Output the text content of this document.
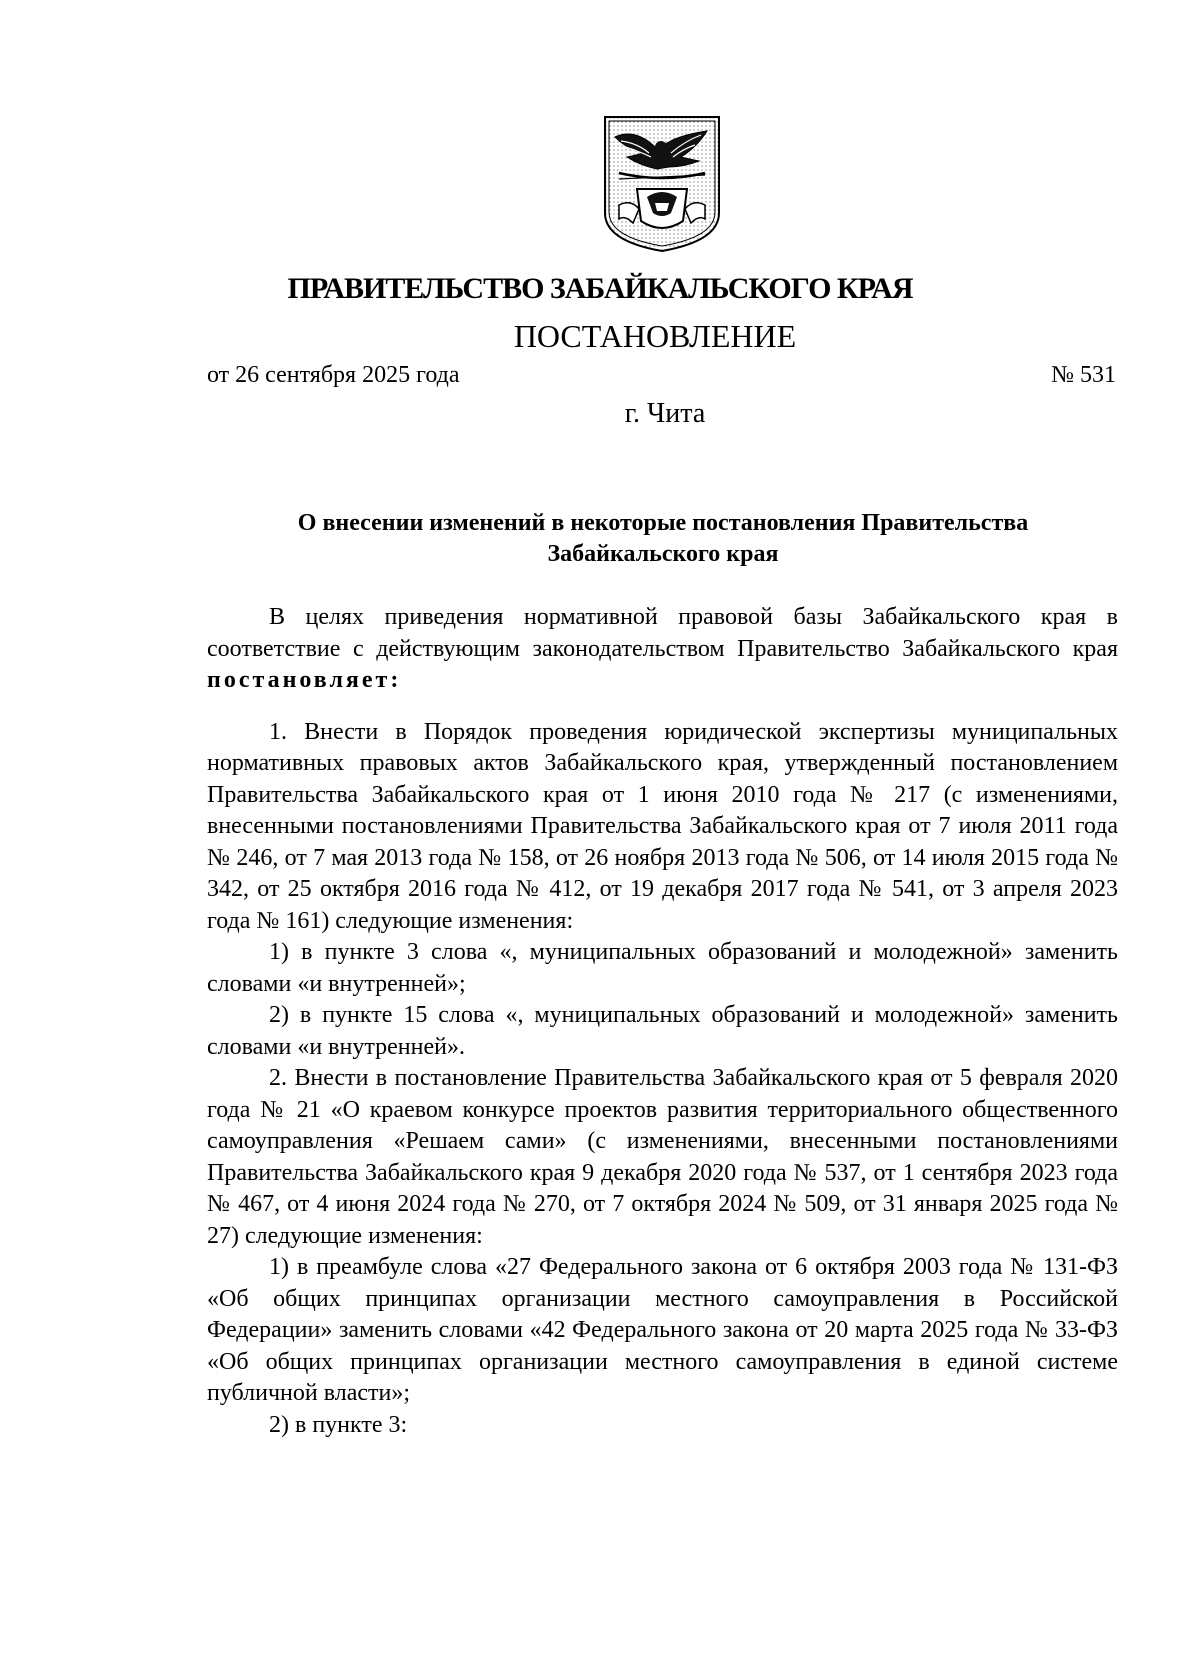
ПРАВИТЕЛЬСТВО ЗАБАЙКАЛЬСКОГО КРАЯ
ПОСТАНОВЛЕНИЕ
от 26 сентября 2025 года	№ 531
г. Чита
О внесении изменений в некоторые постановления Правительства Забайкальского края

В целях приведения нормативной правовой базы Забайкальского края в соответствие с действующим законодательством Правительство Забайкальского края постановляет:

1. Внести в Порядок проведения юридической экспертизы муниципальных нормативных правовых актов Забайкальского края, утвержденный постановлением Правительства Забайкальского края от 1 июня 2010 года № 217 (с изменениями, внесенными постановлениями Правительства Забайкальского края от 7 июля 2011 года № 246, от 7 мая 2013 года № 158, от 26 ноября 2013 года № 506, от 14 июля 2015 года № 342, от 25 октября 2016 года № 412, от 19 декабря 2017 года № 541, от 3 апреля 2023 года № 161) следующие изменения:

1) в пункте 3 слова «, муниципальных образований и молодежной» заменить словами «и внутренней»;

2) в пункте 15 слова «, муниципальных образований и молодежной» заменить словами «и внутренней».

2. Внести в постановление Правительства Забайкальского края от 5 февраля 2020 года № 21 «О краевом конкурсе проектов развития территориального общественного самоуправления «Решаем сами» (с изменениями, внесенными постановлениями Правительства Забайкальского края 9 декабря 2020 года № 537, от 1 сентября 2023 года № 467, от 4 июня 2024 года № 270, от 7 октября 2024 № 509, от 31 января 2025 года № 27) следующие изменения:

1) в преамбуле слова «27 Федерального закона от 6 октября 2003 года № 131-ФЗ «Об общих принципах организации местного самоуправления в Российской Федерации» заменить словами «42 Федерального закона от 20 марта 2025 года № 33-ФЗ «Об общих принципах организации местного самоуправления в единой системе публичной власти»;

2) в пункте 3:
